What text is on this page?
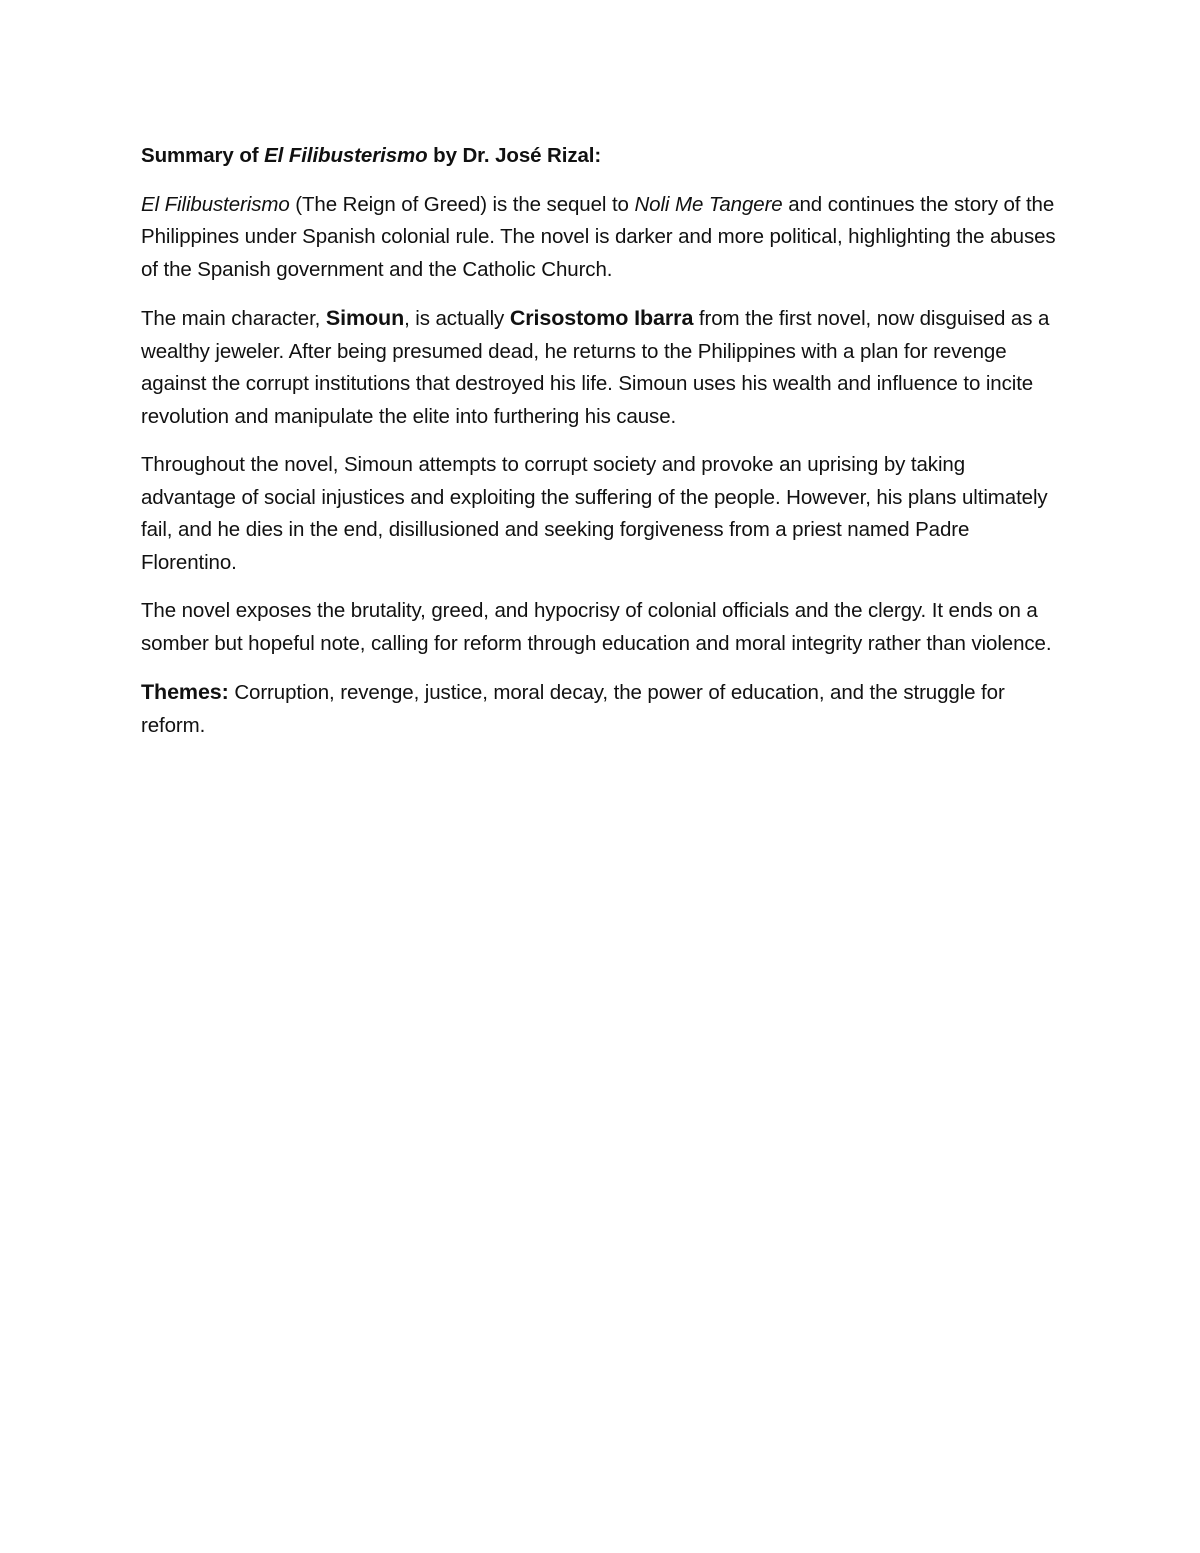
Summary of El Filibusterismo by Dr. José Rizal:

El Filibusterismo (The Reign of Greed) is the sequel to Noli Me Tangere and continues the story of the Philippines under Spanish colonial rule. The novel is darker and more political, highlighting the abuses of the Spanish government and the Catholic Church.

The main character, Simoun, is actually Crisostomo Ibarra from the first novel, now disguised as a wealthy jeweler. After being presumed dead, he returns to the Philippines with a plan for revenge against the corrupt institutions that destroyed his life. Simoun uses his wealth and influence to incite revolution and manipulate the elite into furthering his cause.

Throughout the novel, Simoun attempts to corrupt society and provoke an uprising by taking advantage of social injustices and exploiting the suffering of the people. However, his plans ultimately fail, and he dies in the end, disillusioned and seeking forgiveness from a priest named Padre Florentino.

The novel exposes the brutality, greed, and hypocrisy of colonial officials and the clergy. It ends on a somber but hopeful note, calling for reform through education and moral integrity rather than violence.

Themes: Corruption, revenge, justice, moral decay, the power of education, and the struggle for reform.
